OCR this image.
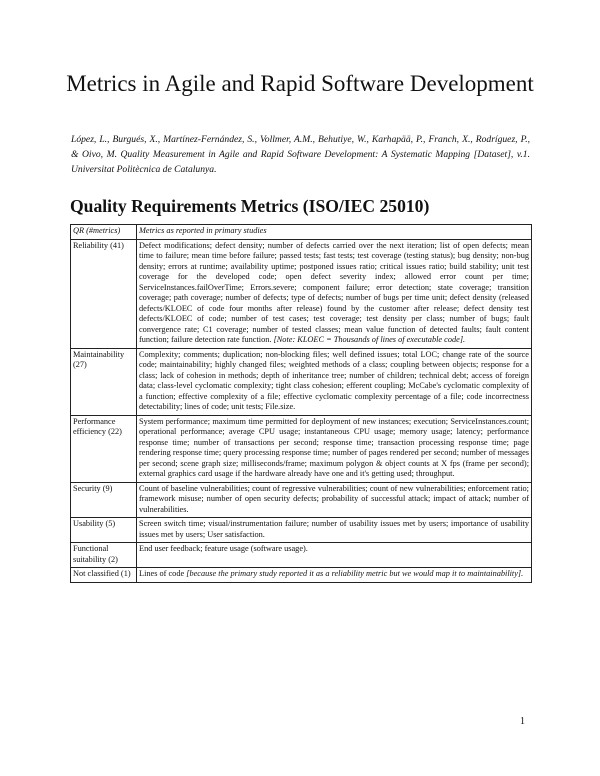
Metrics in Agile and Rapid Software Development
López, L., Burgués, X., Martínez-Fernández, S., Vollmer, A.M., Behutiye, W., Karhapää, P., Franch, X., Rodríguez, P., & Oivo, M. Quality Measurement in Agile and Rapid Software Development: A Systematic Mapping [Dataset], v.1. Universitat Politècnica de Catalunya.
Quality Requirements Metrics (ISO/IEC 25010)
QR (#metrics)	Metrics as reported in primary studies
Reliability (41)	Defect modifications; defect density; number of defects carried over the next iteration; list of open defects; mean time to failure; mean time before failure; passed tests; fast tests; test coverage (testing status); bug density; non-bug density; errors at runtime; availability uptime; postponed issues ratio; critical issues ratio; build stability; unit test coverage for the developed code; open defect severity index; allowed error count per time; ServiceInstances.failOverTime; Errors.severe; component failure; error detection; state coverage; transition coverage; path coverage; number of defects; type of defects; number of bugs per time unit; defect density (released defects/KLOEC of code four months after release) found by the customer after release; defect density test defects/KLOEC of code; number of test cases; test coverage; test density per class; number of bugs; fault convergence rate; C1 coverage; number of tested classes; mean value function of detected faults; fault content function; failure detection rate function. [Note: KLOEC = Thousands of lines of executable code].
Maintainability (27)	Complexity; comments; duplication; non-blocking files; well defined issues; total LOC; change rate of the source code; maintainability; highly changed files; weighted methods of a class; coupling between objects; response for a class; lack of cohesion in methods; depth of inheritance tree; number of children; technical debt; access of foreign data; class-level cyclomatic complexity; tight class cohesion; efferent coupling; McCabe's cyclomatic complexity of a function; effective complexity of a file; effective cyclomatic complexity percentage of a file; code incorrectness detectability; lines of code; unit tests; File.size.
Performance efficiency (22)	System performance; maximum time permitted for deployment of new instances; execution; ServiceInstances.count; operational performance; average CPU usage; instantaneous CPU usage; memory usage; latency; performance response time; number of transactions per second; response time; transaction processing response time; page rendering response time; query processing response time; number of pages rendered per second; number of messages per second; scene graph size; milliseconds/frame; maximum polygon & object counts at X fps (frame per second); external graphics card usage if the hardware already have one and it's getting used; throughput.
Security (9)	Count of baseline vulnerabilities; count of regressive vulnerabilities; count of new vulnerabilities; enforcement ratio; framework misuse; number of open security defects; probability of successful attack; impact of attack; number of vulnerabilities.
Usability (5)	Screen switch time; visual/instrumentation failure; number of usability issues met by users; importance of usability issues met by users; User satisfaction.
Functional suitability (2)	End user feedback; feature usage (software usage).
Not classified (1)	Lines of code [because the primary study reported it as a reliability metric but we would map it to maintainability].
1
